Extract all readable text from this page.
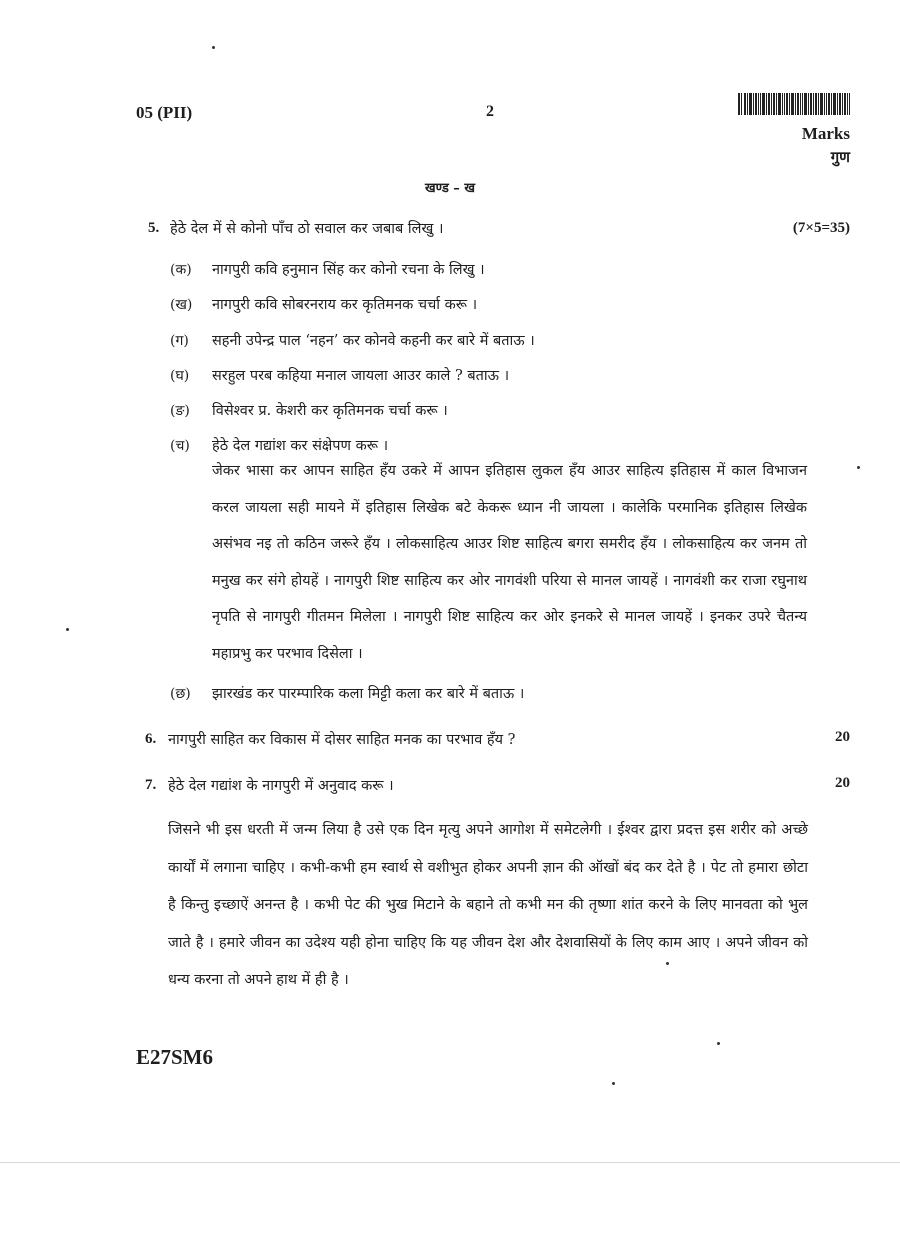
05 (PII)	2
Marks
गुण
खण्ड – ख
5. हेठे देल में से कोनो पाँच ठो सवाल कर जबाब लिखु ।	(7×5=35)
(क) नागपुरी कवि हनुमान सिंह कर कोनो रचना के लिखु ।
(ख) नागपुरी कवि सोबरनराय कर कृतिमनक चर्चा करू ।
(ग) सहनी उपेन्द्र पाल ‘नहन’ कर कोनवे कहनी कर बारे में बताऊ ।
(घ) सरहुल परब कहिया मनाल जायला आउर काले ? बताऊ ।
(ङ) विसेश्वर प्र. केशरी कर कृतिमनक चर्चा करू ।
(च) हेठे देल गद्यांश कर संक्षेपण करू ।
जेकर भासा कर आपन साहित हँय उकरे में आपन इतिहास लुकल हँय आउर साहित्य इतिहास में काल विभाजन करल जायला सही मायने में इतिहास लिखेक बटे केकरू ध्यान नी जायला । कालेकि परमानिक इतिहास लिखेक असंभव नइ तो कठिन जरूरे हँय । लोकसाहित्य आउर शिष्ट साहित्य बगरा समरीद हँय । लोकसाहित्य कर जनम तो मनुख कर संगे होयहें । नागपुरी शिष्ट साहित्य कर ओर नागवंशी परिया से मानल जायहें । नागवंशी कर राजा रघुनाथ नृपति से नागपुरी गीतमन मिलेला । नागपुरी शिष्ट साहित्य कर ओर इनकरे से मानल जायहें । इनकर उपरे चैतन्य महाप्रभु कर परभाव दिसेला ।
(छ) झारखंड कर पारम्पारिक कला मिट्टी कला कर बारे में बताऊ ।
6. नागपुरी साहित कर विकास में दोसर साहित मनक का परभाव हँय ?	20
7. हेठे देल गद्यांश के नागपुरी में अनुवाद करू ।	20
जिसने भी इस धरती में जन्म लिया है उसे एक दिन मृत्यु अपने आगोश में समेटलेगी । ईश्वर द्वारा प्रदत्त इस शरीर को अच्छे कार्यों में लगाना चाहिए । कभी-कभी हम स्वार्थ से वशीभुत होकर अपनी ज्ञान की ऑखों बंद कर देते है । पेट तो हमारा छोटा है किन्तु इच्छाऐं अनन्त है । कभी पेट की भुख मिटाने के बहाने तो कभी मन की तृष्णा शांत करने के लिए मानवता को भुल जाते है । हमारे जीवन का उदेश्य यही होना चाहिए कि यह जीवन देश और देशवासियों के लिए काम आए । अपने जीवन को धन्य करना तो अपने हाथ में ही है ।
E27SM6
